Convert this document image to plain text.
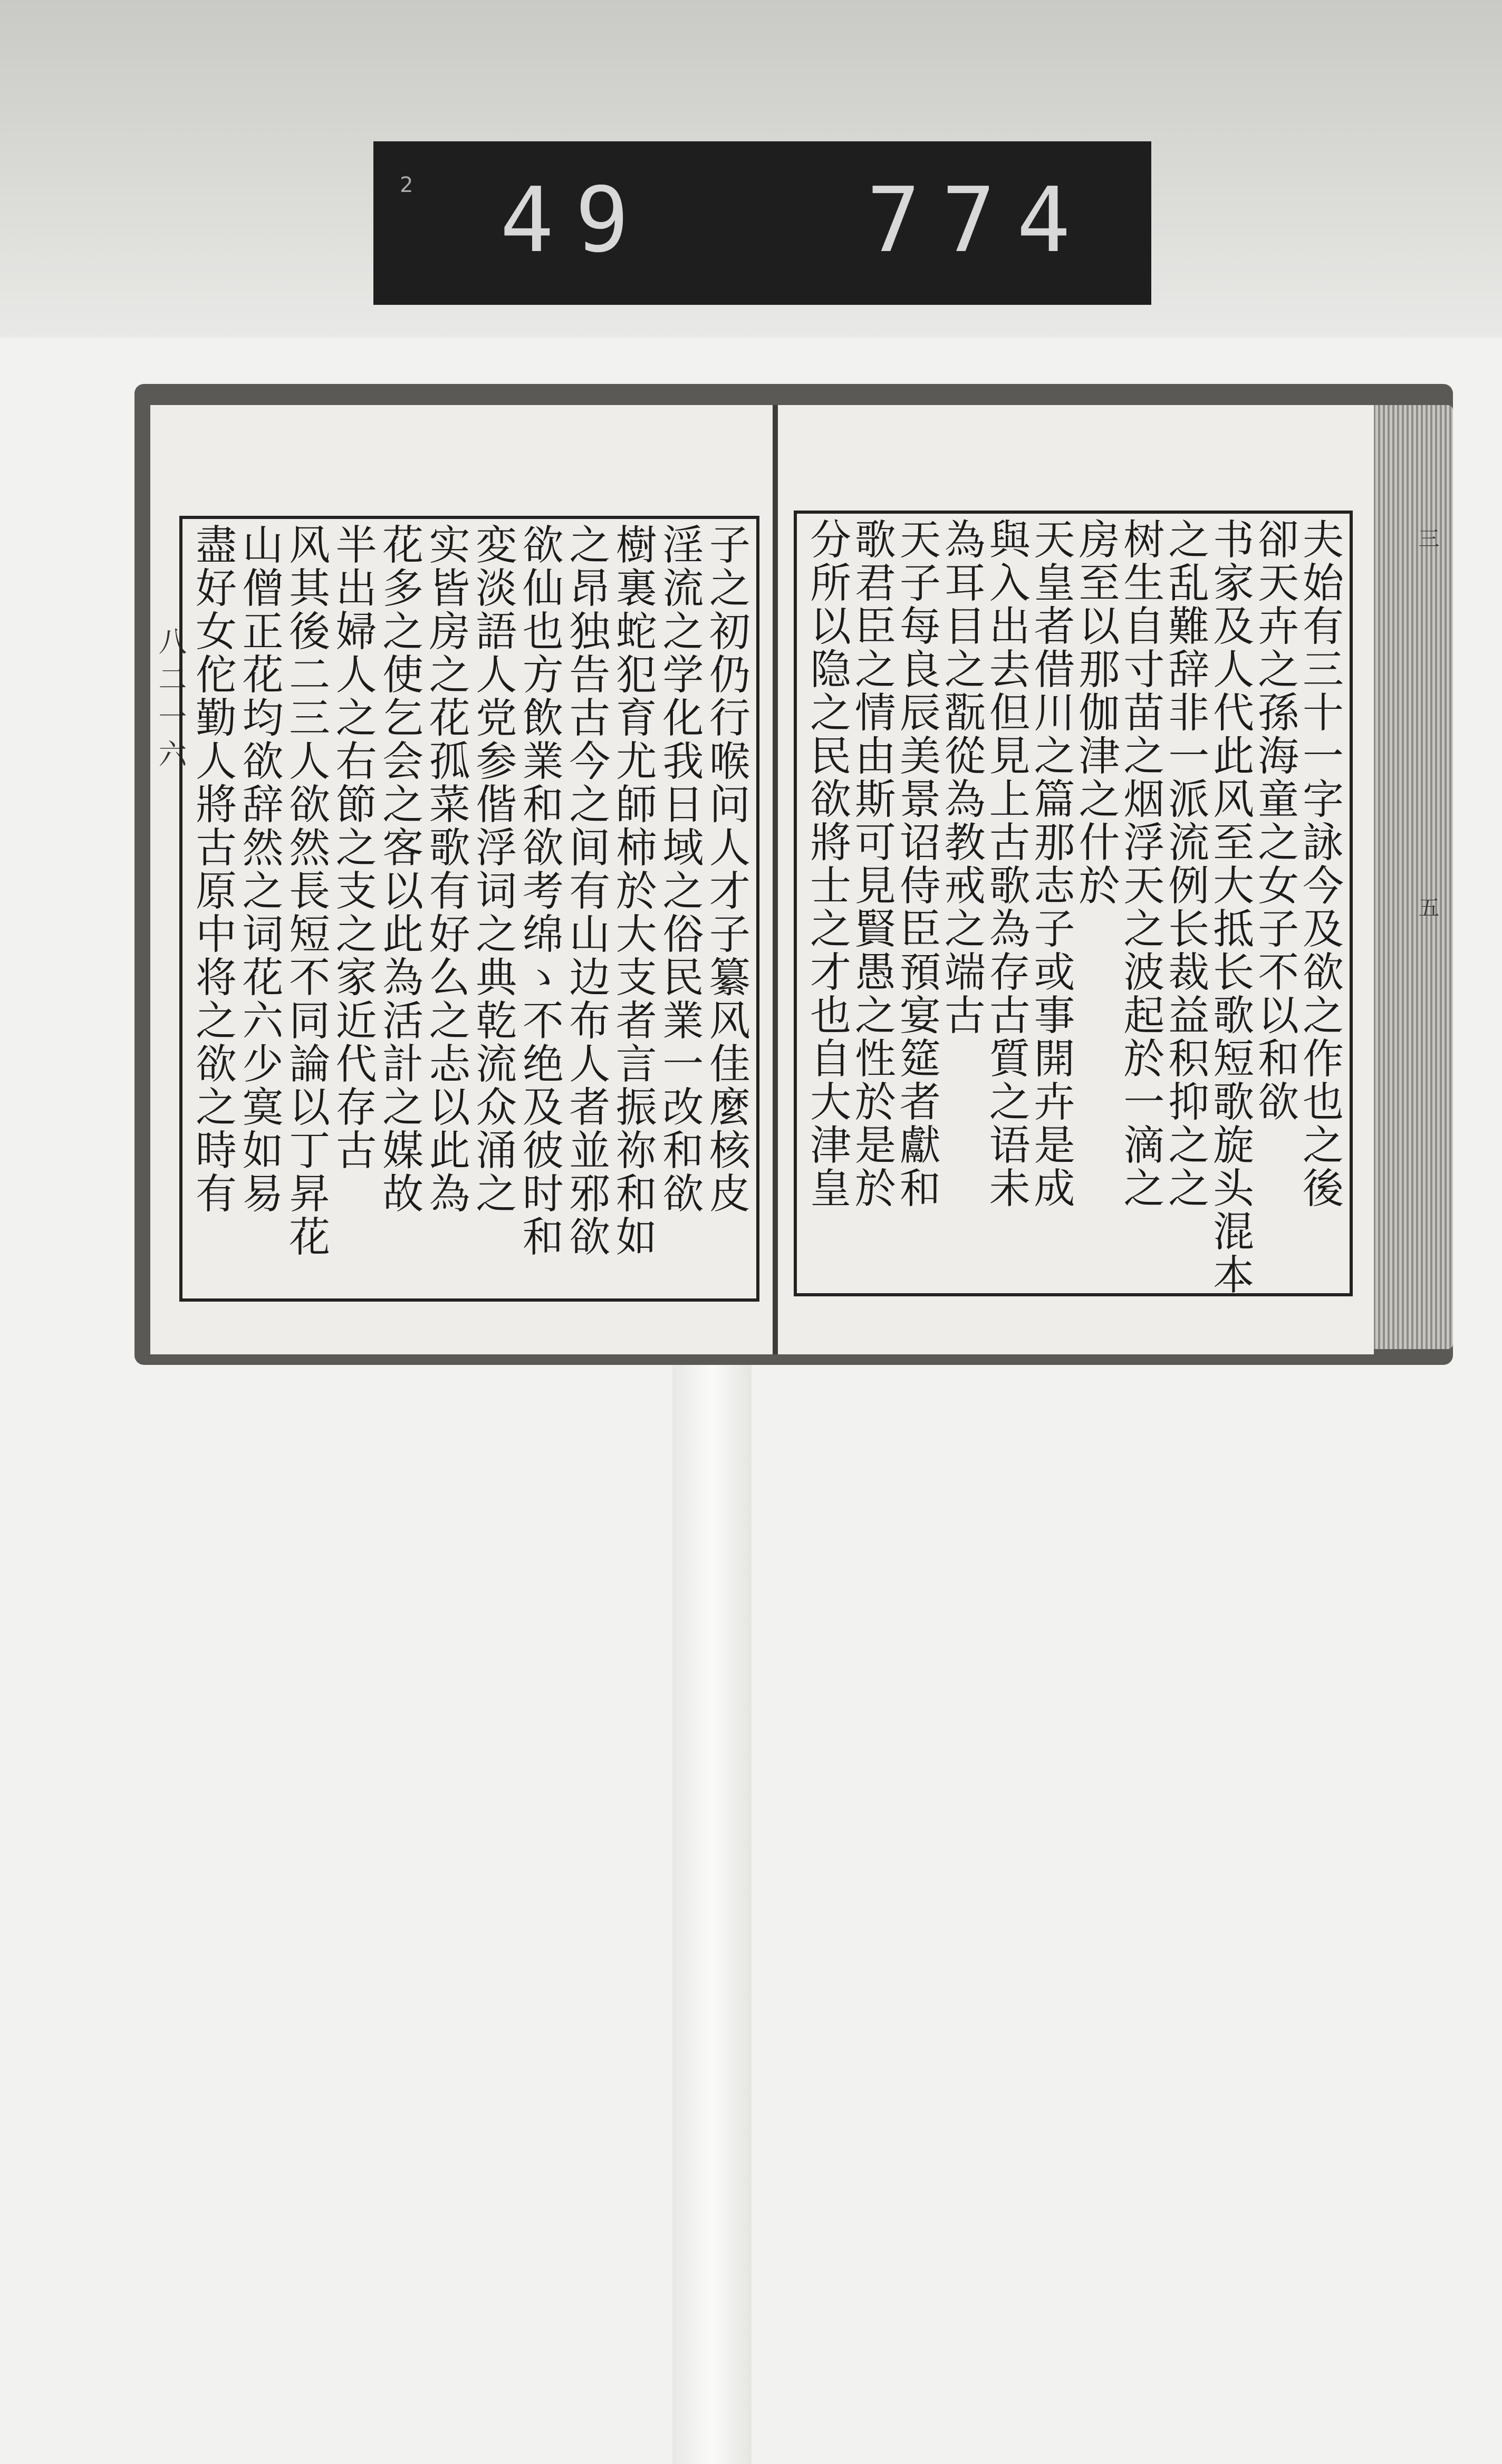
2 49 774
八 二 一 六	子之初仍行喉问人才子纂风佳麼核皮
淫流之学化我日域之俗民業一改和欲
樹裏蛇犯育尤師柿於大支者言振祢和如
之昂独告古今之间有山边布人者並邪欲
欲仙也方飲業和欲考绵ゝ不绝及彼时和
変淡語人党参偕浮词之典乾流众涌之
实皆房之花孤菜歌有好么之忐以此為
花多之使乞会之客以此為活計之媒故
半出婦人之右節之支之家近代存古
风其後二三人欲然長短不同論以丁昇花
山僧正花均欲辞然之词花六少寞如易
盡好女佗勤人將古原中将之欲之時有	夫始有三十一字詠今及欲之作也之後
卻天卉之孫海童之女子不以和欲
书家及人代此风至大抵长歌短歌旋头混本
之乱難辞非一派流例长裁益积抑之之
树生自寸苗之烟浮天之波起於一滴之
房至以那伽津之什於
天皇者借川之篇那志子或事開卉是成
與入出去但見上古歌為存古質之语未
為耳目之翫從為教戒之端古
天子每良辰美景诏侍臣預宴筵者獻和
歌君臣之情由斯可見賢愚之性於是於
分所以隐之民欲將士之才也自大津皇	三
五
